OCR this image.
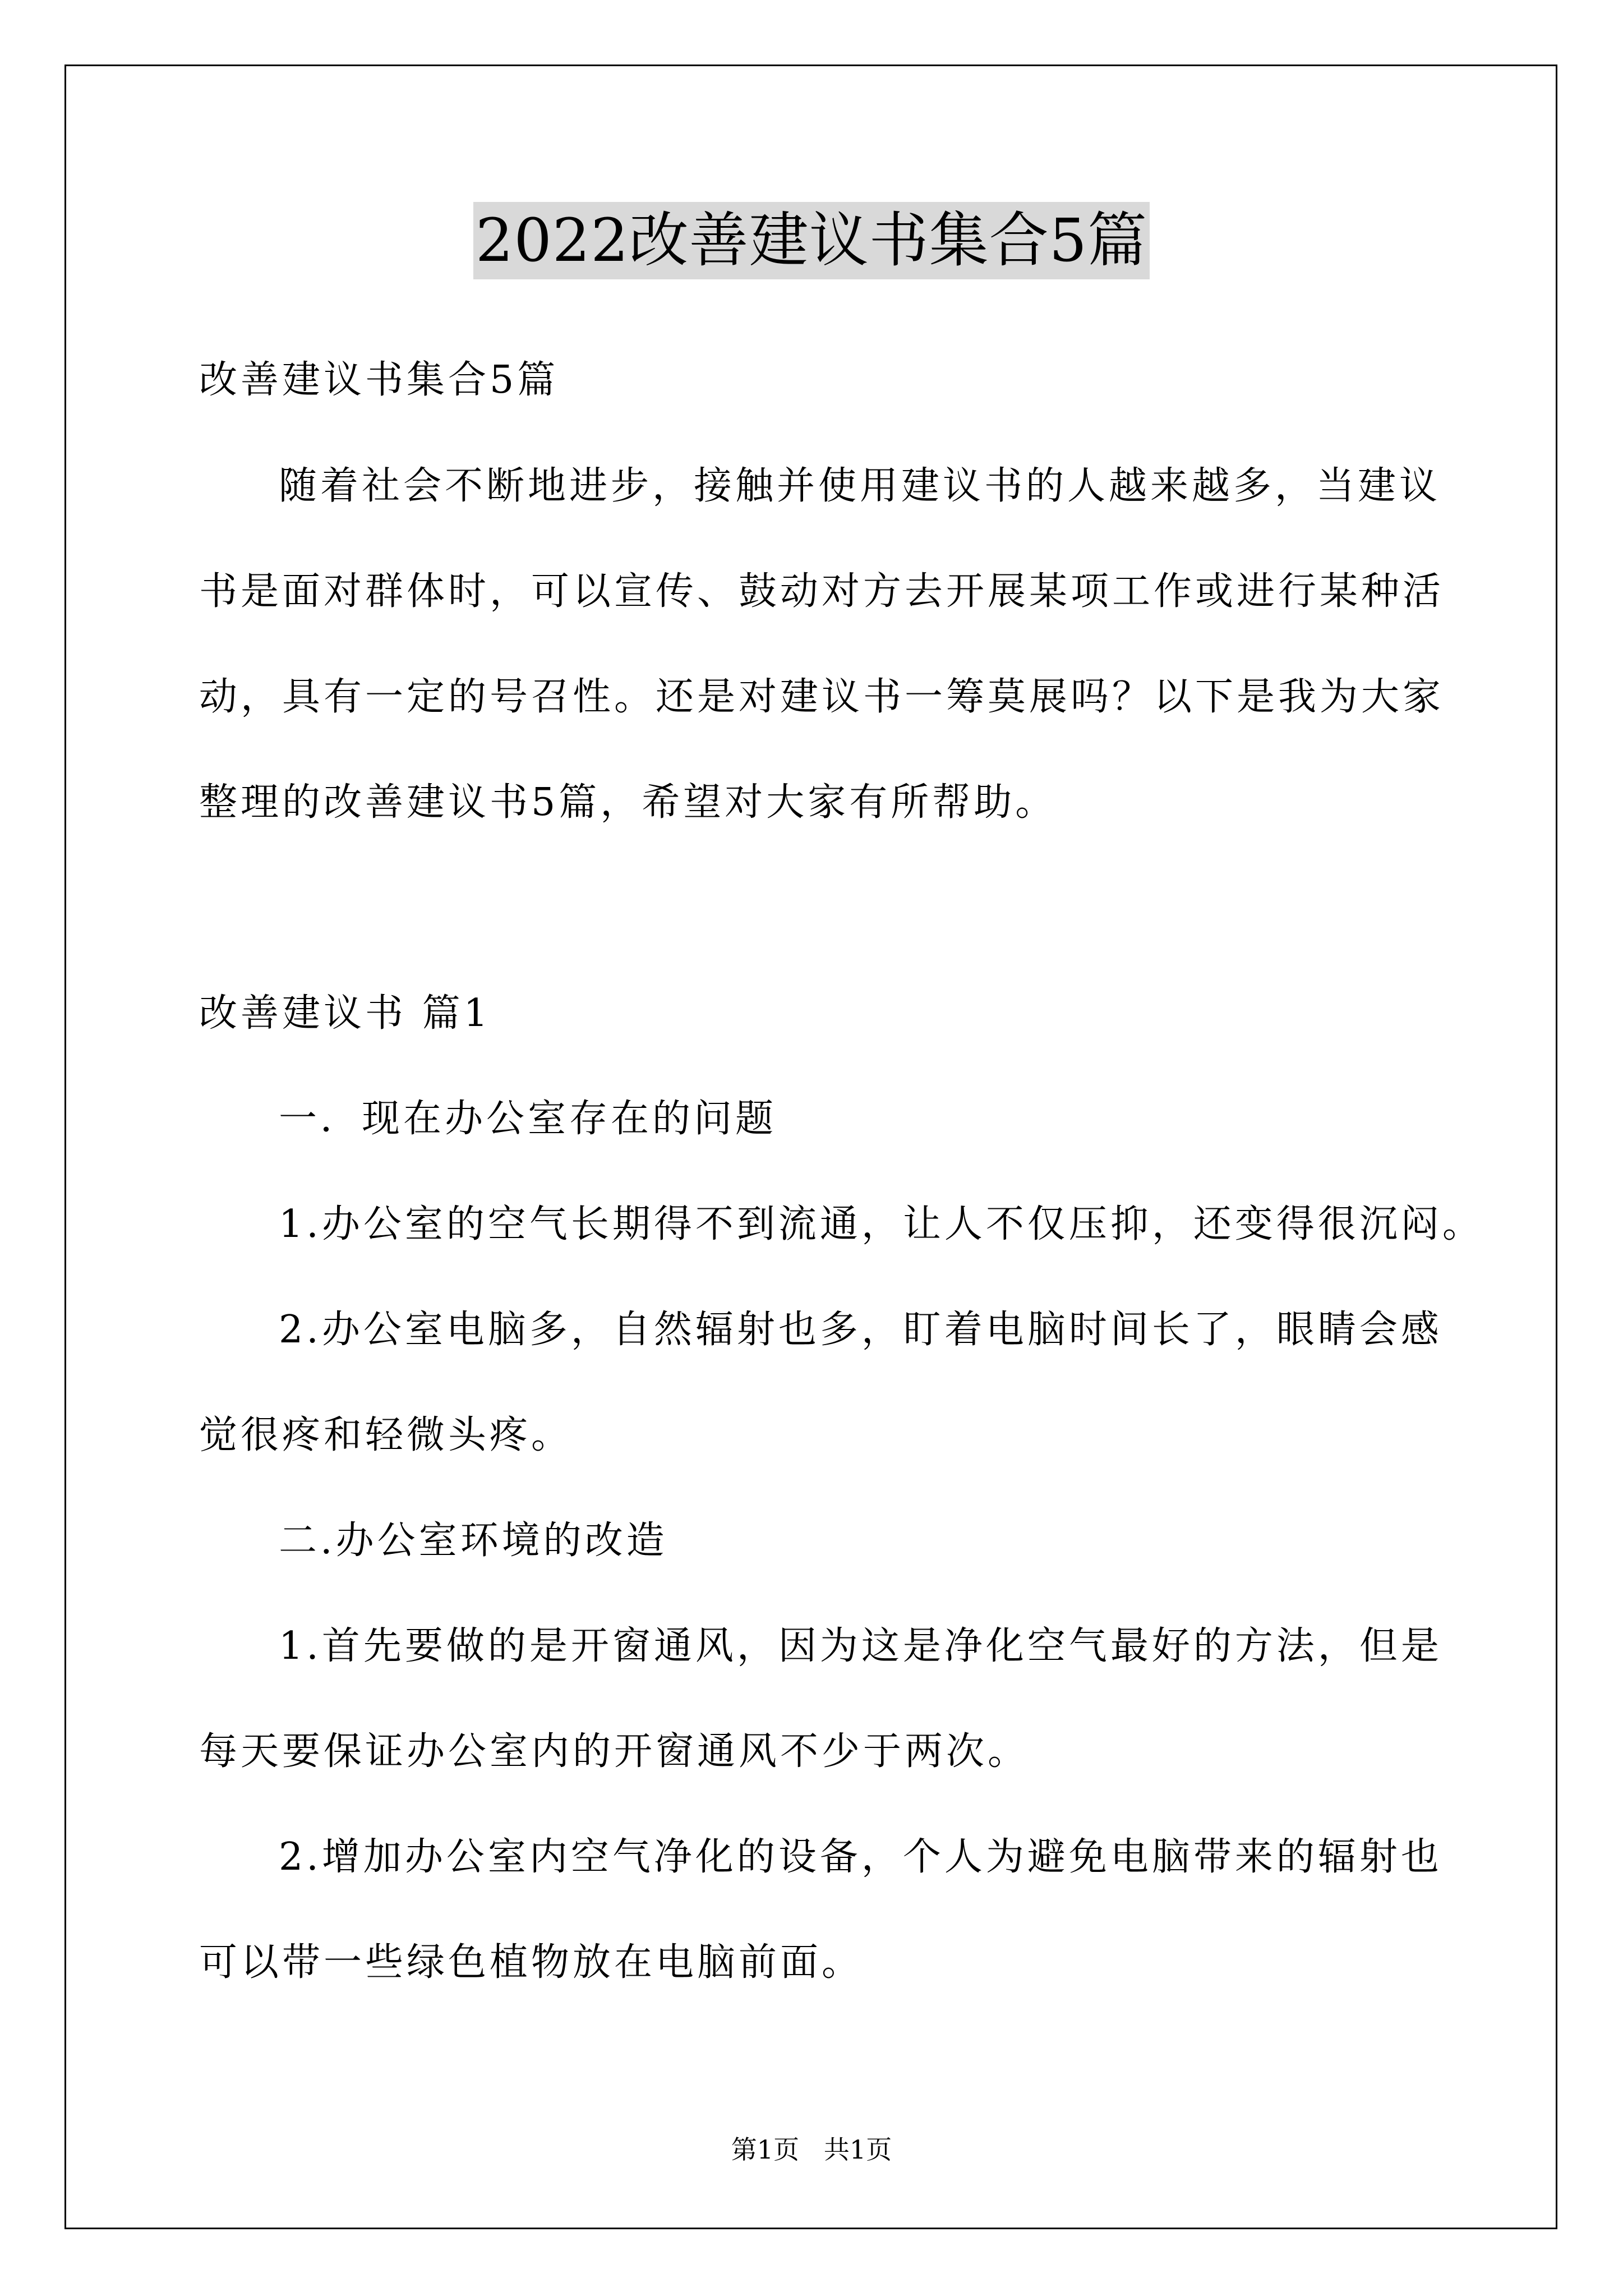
2022改善建议书集合5篇
改善建议书集合5篇
随着社会不断地进步，接触并使用建议书的人越来越多，当建议
书是面对群体时，可以宣传、鼓动对方去开展某项工作或进行某种活
动，具有一定的号召性。还是对建议书一筹莫展吗？以下是我为大家
整理的改善建议书5篇，希望对大家有所帮助。
改善建议书 篇1
一．现在办公室存在的问题
1.办公室的空气长期得不到流通，让人不仅压抑，还变得很沉闷。
2.办公室电脑多，自然辐射也多，盯着电脑时间长了，眼睛会感
觉很疼和轻微头疼。
二.办公室环境的改造
1.首先要做的是开窗通风，因为这是净化空气最好的方法，但是
每天要保证办公室内的开窗通风不少于两次。
2.增加办公室内空气净化的设备，个人为避免电脑带来的辐射也
可以带一些绿色植物放在电脑前面。
第1页   共1页
